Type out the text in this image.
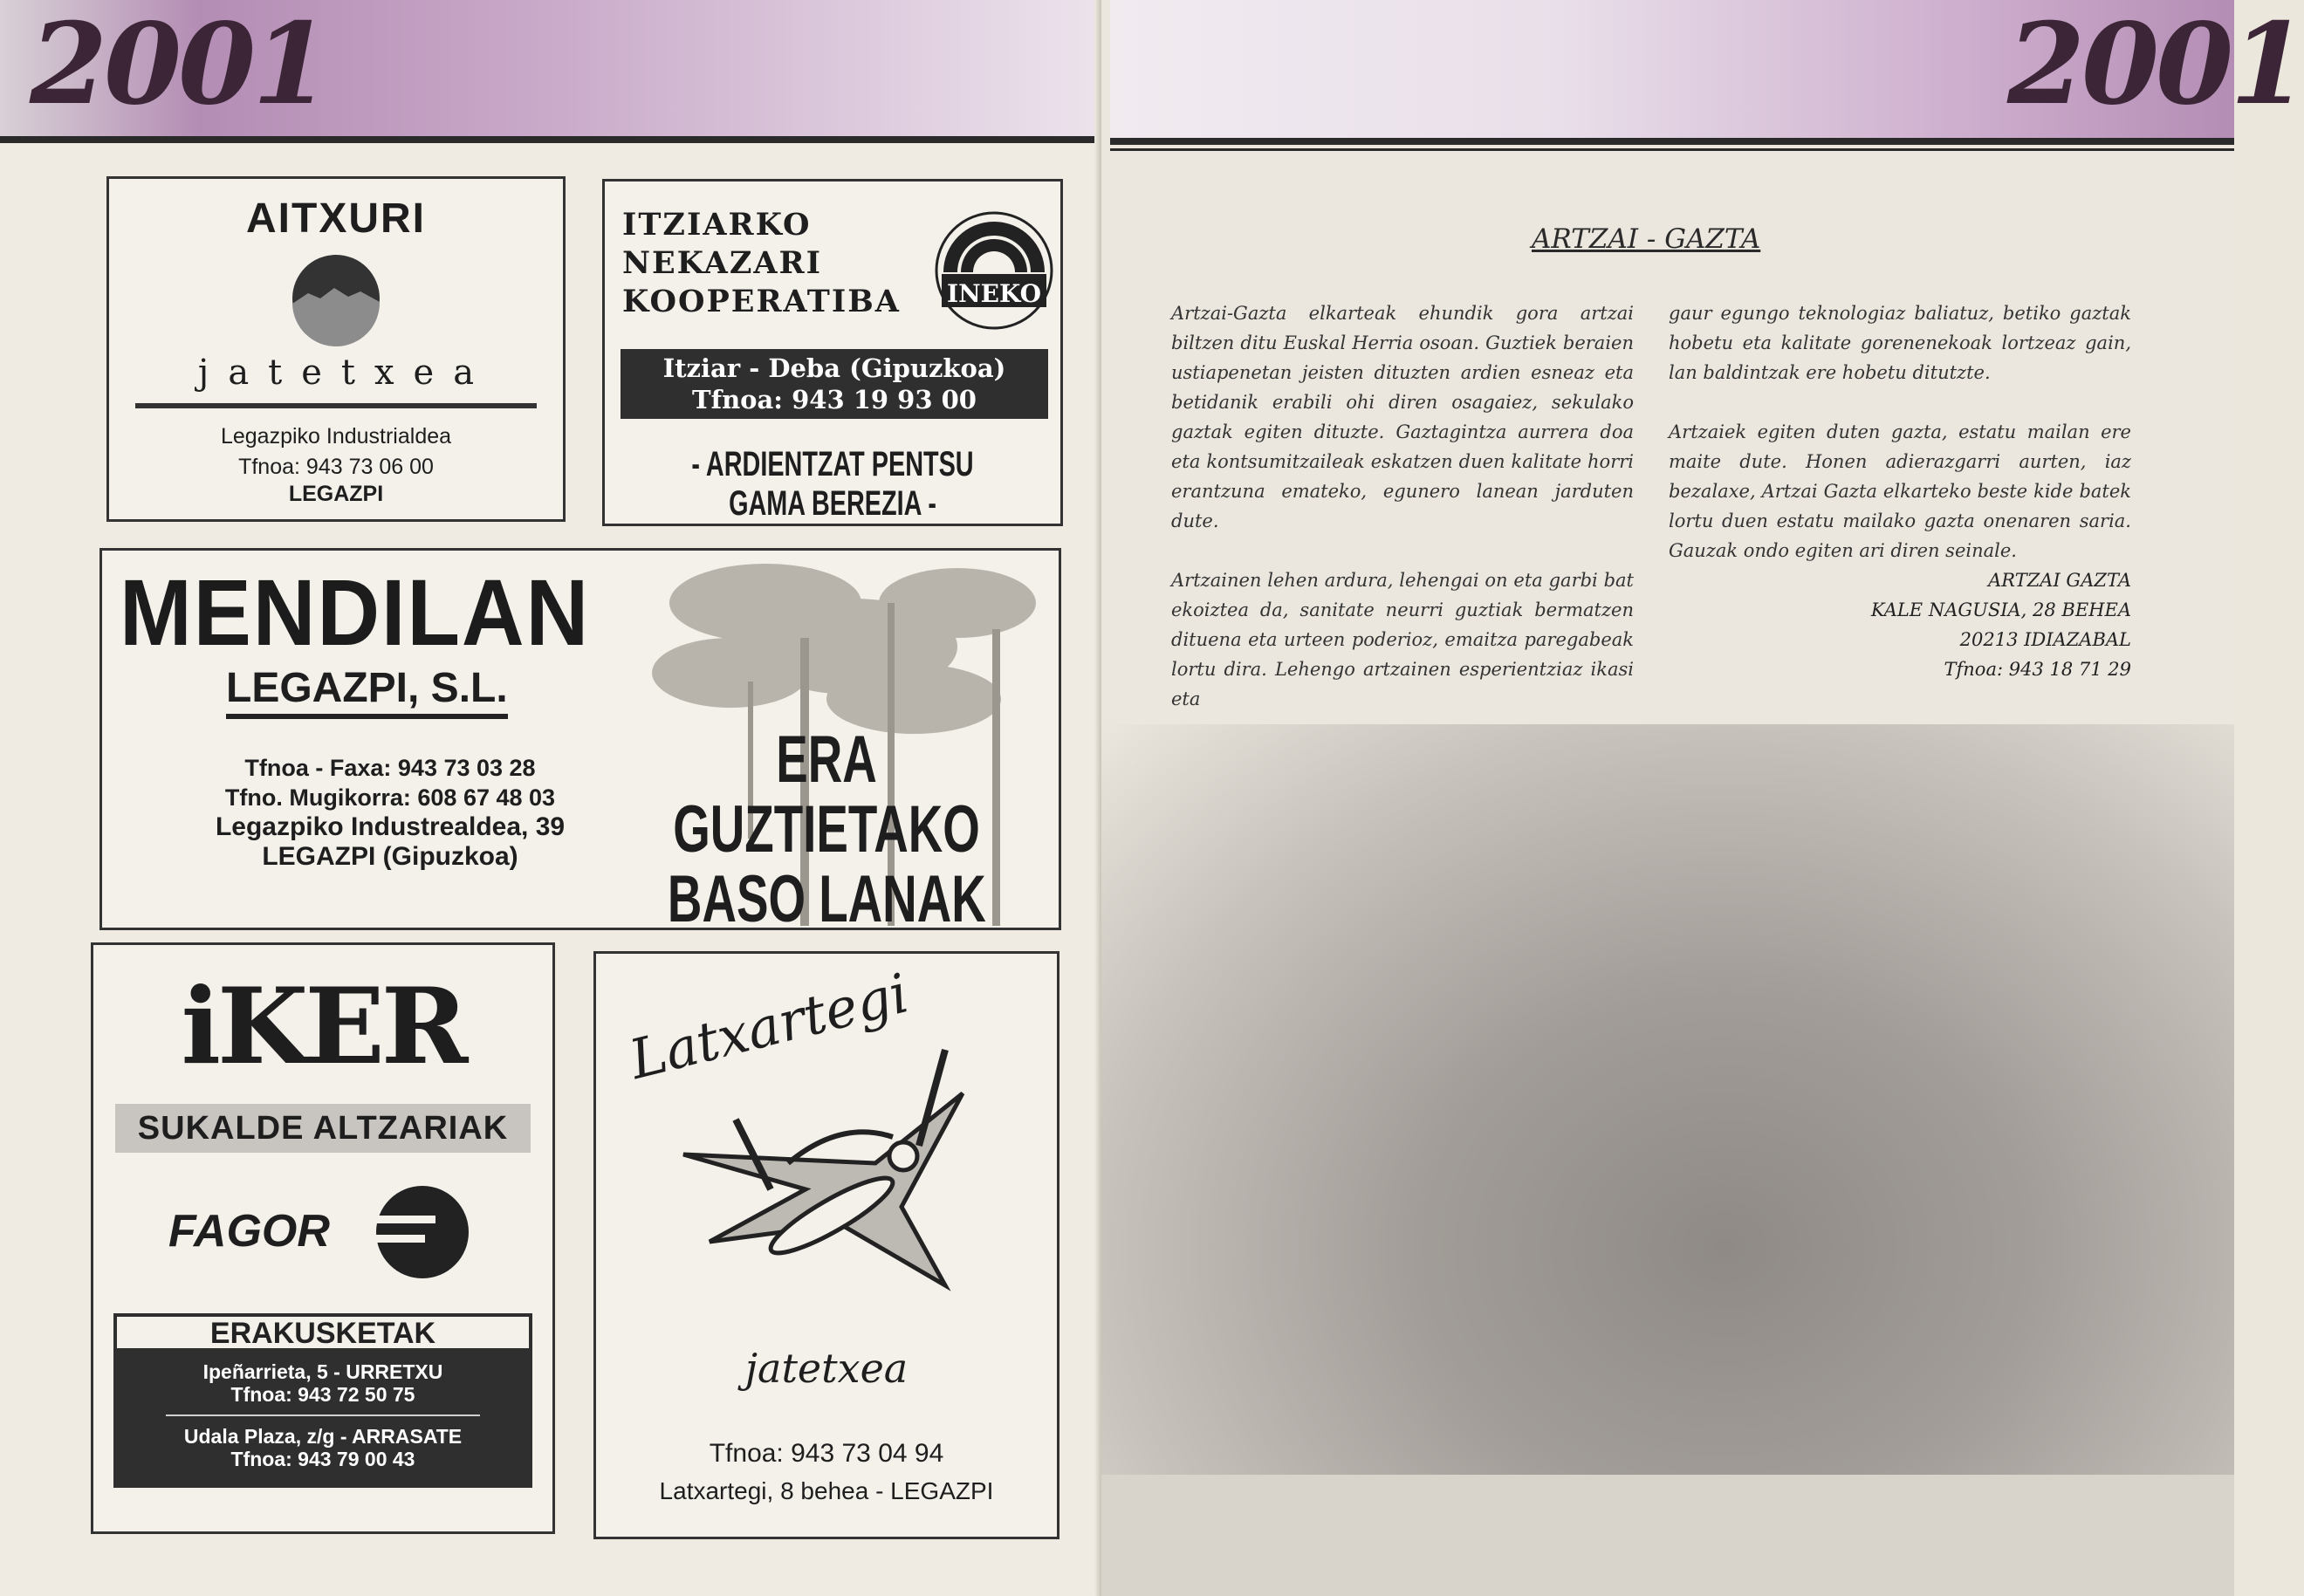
2001
AITXURI
jatetxea
Legazpiko Industrialdea
Tfnoa: 943 73 06 00
LEGAZPI
ITZIARKO
NEKAZARI
KOOPERATIBA	INEKO
Itziar - Deba (Gipuzkoa)
Tfnoa: 943 19 93 00
- ARDIENTZAT PENTSU GAMA BEREZIA -
MENDILAN
LEGAZPI, S.L.
Tfnoa - Faxa: 943 73 03 28
Tfno. Mugikorra: 608 67 48 03
Legazpiko Industrealdea, 39
LEGAZPI (Gipuzkoa)
ERA GUZTIETAKO
BASO LANAK
iKER
SUKALDE ALTZARIAK
FAGOR
ERAKUSKETAK
Ipeñarrieta, 5 - URRETXU
Tfnoa: 943 72 50 75
Udala Plaza, z/g - ARRASATE
Tfnoa: 943 79 00 43
Latxartegi
jatetxea
Tfnoa: 943 73 04 94
Latxartegi, 8 behea - LEGAZPI
2001
ARTZAI - GAZTA

Artzai-Gazta elkarteak ehundik gora artzai biltzen ditu Euskal Herria osoan. Guztiek beraien ustiapenetan jeisten dituzten ardien esneaz eta betidanik erabili ohi diren osagaiez, sekulako gaztak egiten dituzte. Gaztagintza aurrera doa eta kontsumitzaileak eskatzen duen kalitate horri erantzuna emateko, egunero lanean jarduten dute.

Artzainen lehen ardura, lehengai on eta garbi bat ekoiztea da, sanitate neurri guztiak bermatzen dituena eta urteen poderioz, emaitza paregabeak lortu dira. Lehengo artzainen esperientziaz ikasi eta

gaur egungo teknologiaz baliatuz, betiko gaztak hobetu eta kalitate gorenenekoak lortzeaz gain, lan baldintzak ere hobetu ditutzte.

Artzaiek egiten duten gazta, estatu mailan ere maite dute. Honen adierazgarri aurten, iaz bezalaxe, Artzai Gazta elkarteko beste kide batek lortu duen estatu mailako gazta onenaren saria. Gauzak ondo egiten ari diren seinale.

ARTZAI GAZTA
KALE NAGUSIA, 28 BEHEA
20213 IDIAZABAL
Tfnoa: 943 18 71 29
